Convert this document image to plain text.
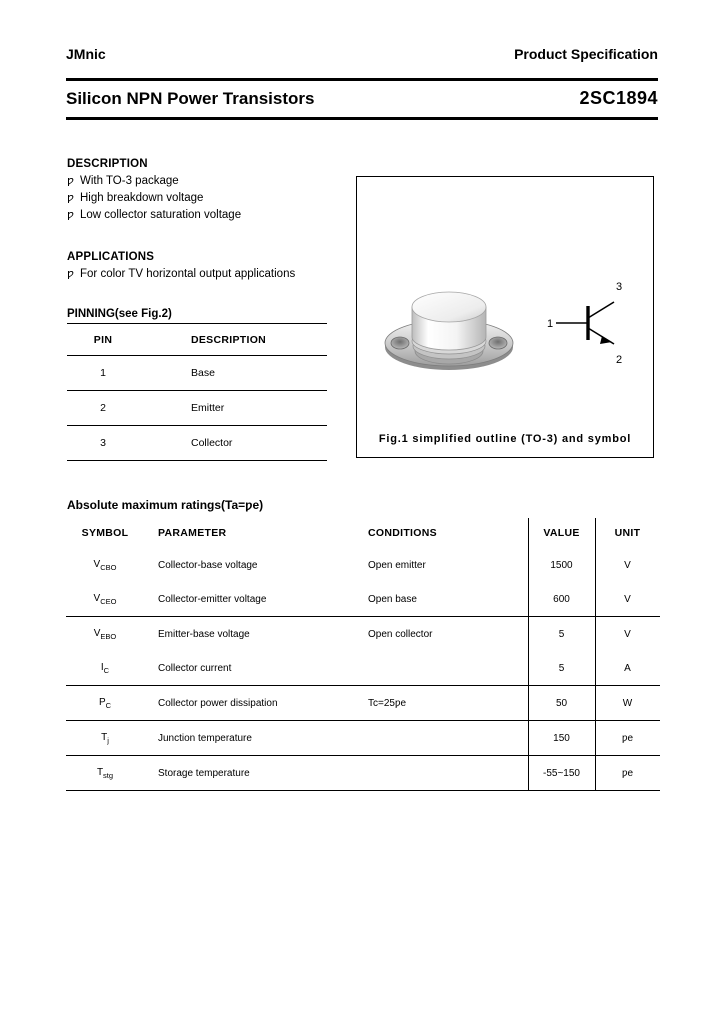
JMnic	Product Specification
Silicon NPN Power Transistors	2SC1894
DESCRIPTION
ƿ With TO-3 package
ƿ High breakdown voltage
ƿ Low collector saturation voltage
APPLICATIONS
ƿ For color TV horizontal output applications
PINNING(see Fig.2)
PIN	DESCRIPTION
1	Base
2	Emitter
3	Collector
1
3
2
Fig.1 simplified outline (TO-3) and symbol
Absolute maximum ratings(Ta=ƿe)
SYMBOL	PARAMETER	CONDITIONS	VALUE	UNIT
$V_{CBO}$	Collector-base voltage	Open emitter	1500	V
$V_{CEO}$	Collector-emitter voltage	Open base	600	V
$V_{EBO}$	Emitter-base voltage	Open collector	5	V
$I_C$	Collector current		5	A
$P_C$	Collector power dissipation	Tc=25ƿe	50	W
$T_j$	Junction temperature		150	ƿe
$T_{stg}$	Storage temperature		-55~150	ƿe
